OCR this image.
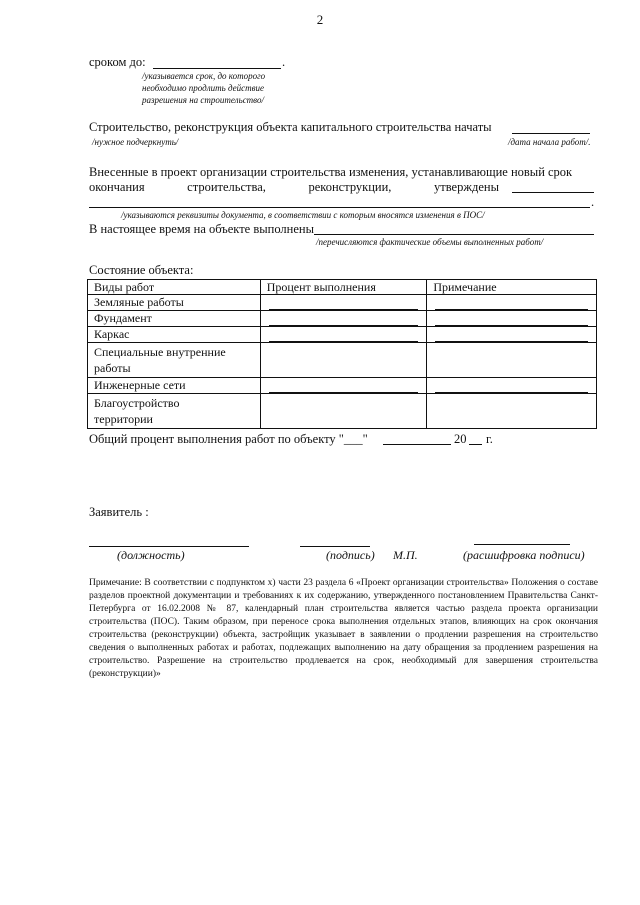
2
сроком до:	.
/указывается срок, до которого
необходимо продлить действие
разрешения на строительство/
Строительство, реконструкция объекта капитального строительства начаты
/нужное подчеркнуть/	/дата начала работ/.
Внесенные в проект организации строительства изменения, устанавливающие новый срок
окончания	строительства,	реконструкции,	утверждены
.
/указываются реквизиты документа, в соответствии с которым вносятся изменения в ПОС/
В настоящее время на объекте выполнены
/перечисляются фактические объемы выполненных работ/
Состояние объекта:
Виды работ	Процент выполнения	Примечание
Земляные работы	

Фундамент	

Каркас	

Специальные внутренние
работы		
Инженерные сети	

Благоустройство
территории		
Общий процент выполнения работ по объекту "___"	20 г.
Заявитель :
(должность)	(подпись) М.П.	(расшифровка подписи)
Примечание: В соответствии с подпунктом х) части 23 раздела 6 «Проект организации строительства» Положения о составе разделов проектной документации и требованиях к их содержанию, утвержденного постановлением Правительства Санкт-Петербурга от 16.02.2008 № 87, календарный план строительства является частью раздела проекта организации строительства (ПОС). Таким образом, при переносе срока выполнения отдельных этапов, влияющих на срок окончания строительства (реконструкции) объекта, застройщик указывает в заявлении о продлении разрешения на строительство сведения о выполненных работах и работах, подлежащих выполнению на дату обращения за продлением разрешения на строительство. Разрешение на строительство продлевается на срок, необходимый для завершения строительства (реконструкции)»
